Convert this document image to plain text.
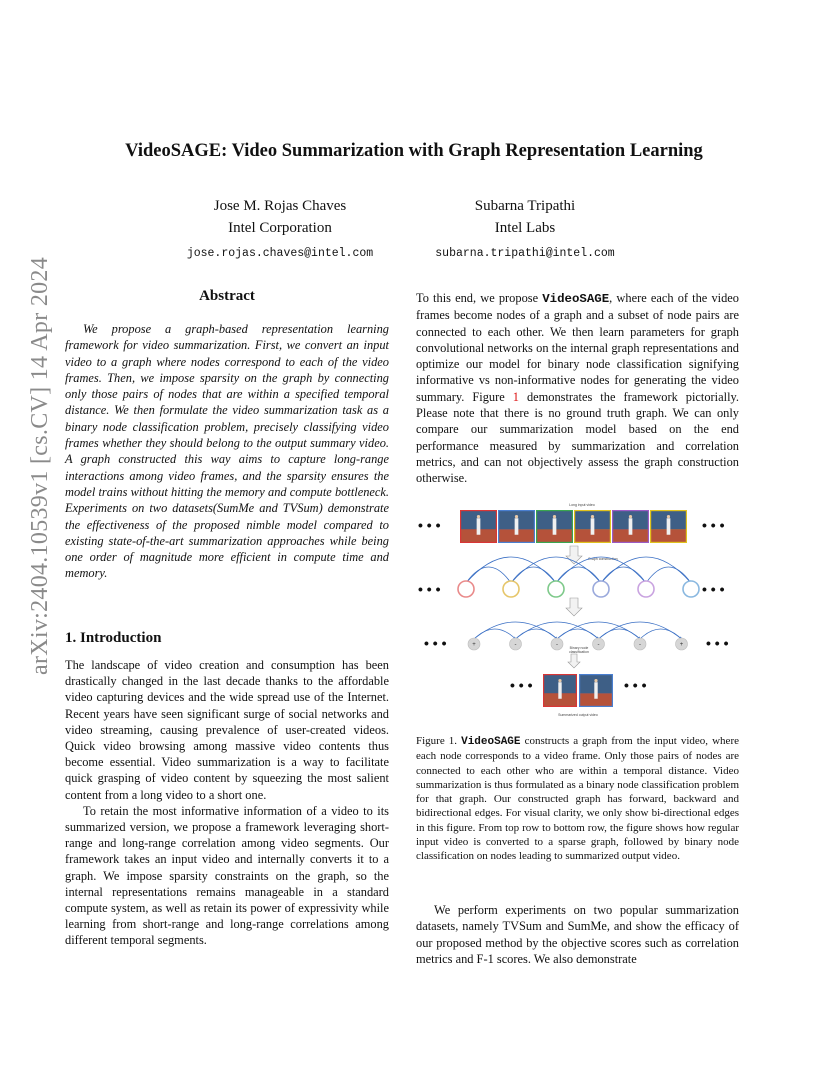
VideoSAGE: Video Summarization with Graph Representation Learning
Jose M. Rojas Chaves
Intel Corporation
jose.rojas.chaves@intel.com
Subarna Tripathi
Intel Labs
subarna.tripathi@intel.com
arXiv:2404.10539v1 [cs.CV] 14 Apr 2024	Abstract

We propose a graph-based representation learning framework for video summarization. First, we convert an input video to a graph where nodes correspond to each of the video frames. Then, we impose sparsity on the graph by connecting only those pairs of nodes that are within a specified temporal distance. We then formulate the video summarization task as a binary node classification problem, precisely classifying video frames whether they should belong to the output summary video. A graph constructed this way aims to capture long-range interactions among video frames, and the sparsity ensures the model trains without hitting the memory and compute bottleneck. Experiments on two datasets(SumMe and TVSum) demonstrate the effectiveness of the proposed nimble model compared to existing state-of-the-art summarization approaches while being one order of magnitude more efficient in compute time and memory.

1. Introduction

The landscape of video creation and consumption has been drastically changed in the last decade thanks to the affordable video capturing devices and the wide spread use of the Internet. Recent years have seen significant surge of social networks and video streaming, causing prevalence of user-created videos. Quick video browsing among massive video contents thus become essential. Video summarization is a way to facilitate quick grasping of video content by squeezing the most salient content from a long video to a short one.

To retain the most informative information of a video to its summarized version, we propose a framework leveraging short-range and long-range correlation among video segments. Our framework takes an input video and internally converts it to a graph. We impose sparsity constraints on the graph, so the internal representations remains manageable in a standard compute system, as well as retain its power of expressivity while learning from short-range and long-range correlations among different temporal segments.

To this end, we propose VideoSAGE, where each of the video frames become nodes of a graph and a subset of node pairs are connected to each other. We then learn parameters for graph convolutional networks on the internal graph representations and optimize our model for binary node classification signifying informative vs non-informative nodes for generating the video summary. Figure 1 demonstrates the framework pictorially. Please note that there is no ground truth graph. We can only compare our summarization model based on the end performance measured by summarization and correlation metrics, and can not objectively assess the graph construction otherwise.

Long input video
• • •	• • •
Graph construction
• • •	• • •
• • •	• • •
+	-	-	-	-	+
Binary node
classification
• • •	• • •
Summarized output video

Figure 1. VideoSAGE constructs a graph from the input video, where each node corresponds to a video frame. Only those pairs of nodes are connected to each other who are within a temporal distance. Video summarization is thus formulated as a binary node classification problem for that graph. Our constructed graph has forward, backward and bidirectional edges. For visual clarity, we only show bi-directional edges in this figure. From top row to bottom row, the figure shows how regular input video is converted to a sparse graph, followed by binary node classification on nodes leading to summarized output video.

We perform experiments on two popular summarization datasets, namely TVSum and SumMe, and show the efficacy of our proposed method by the objective scores such as correlation metrics and F-1 scores. We also demonstrate
